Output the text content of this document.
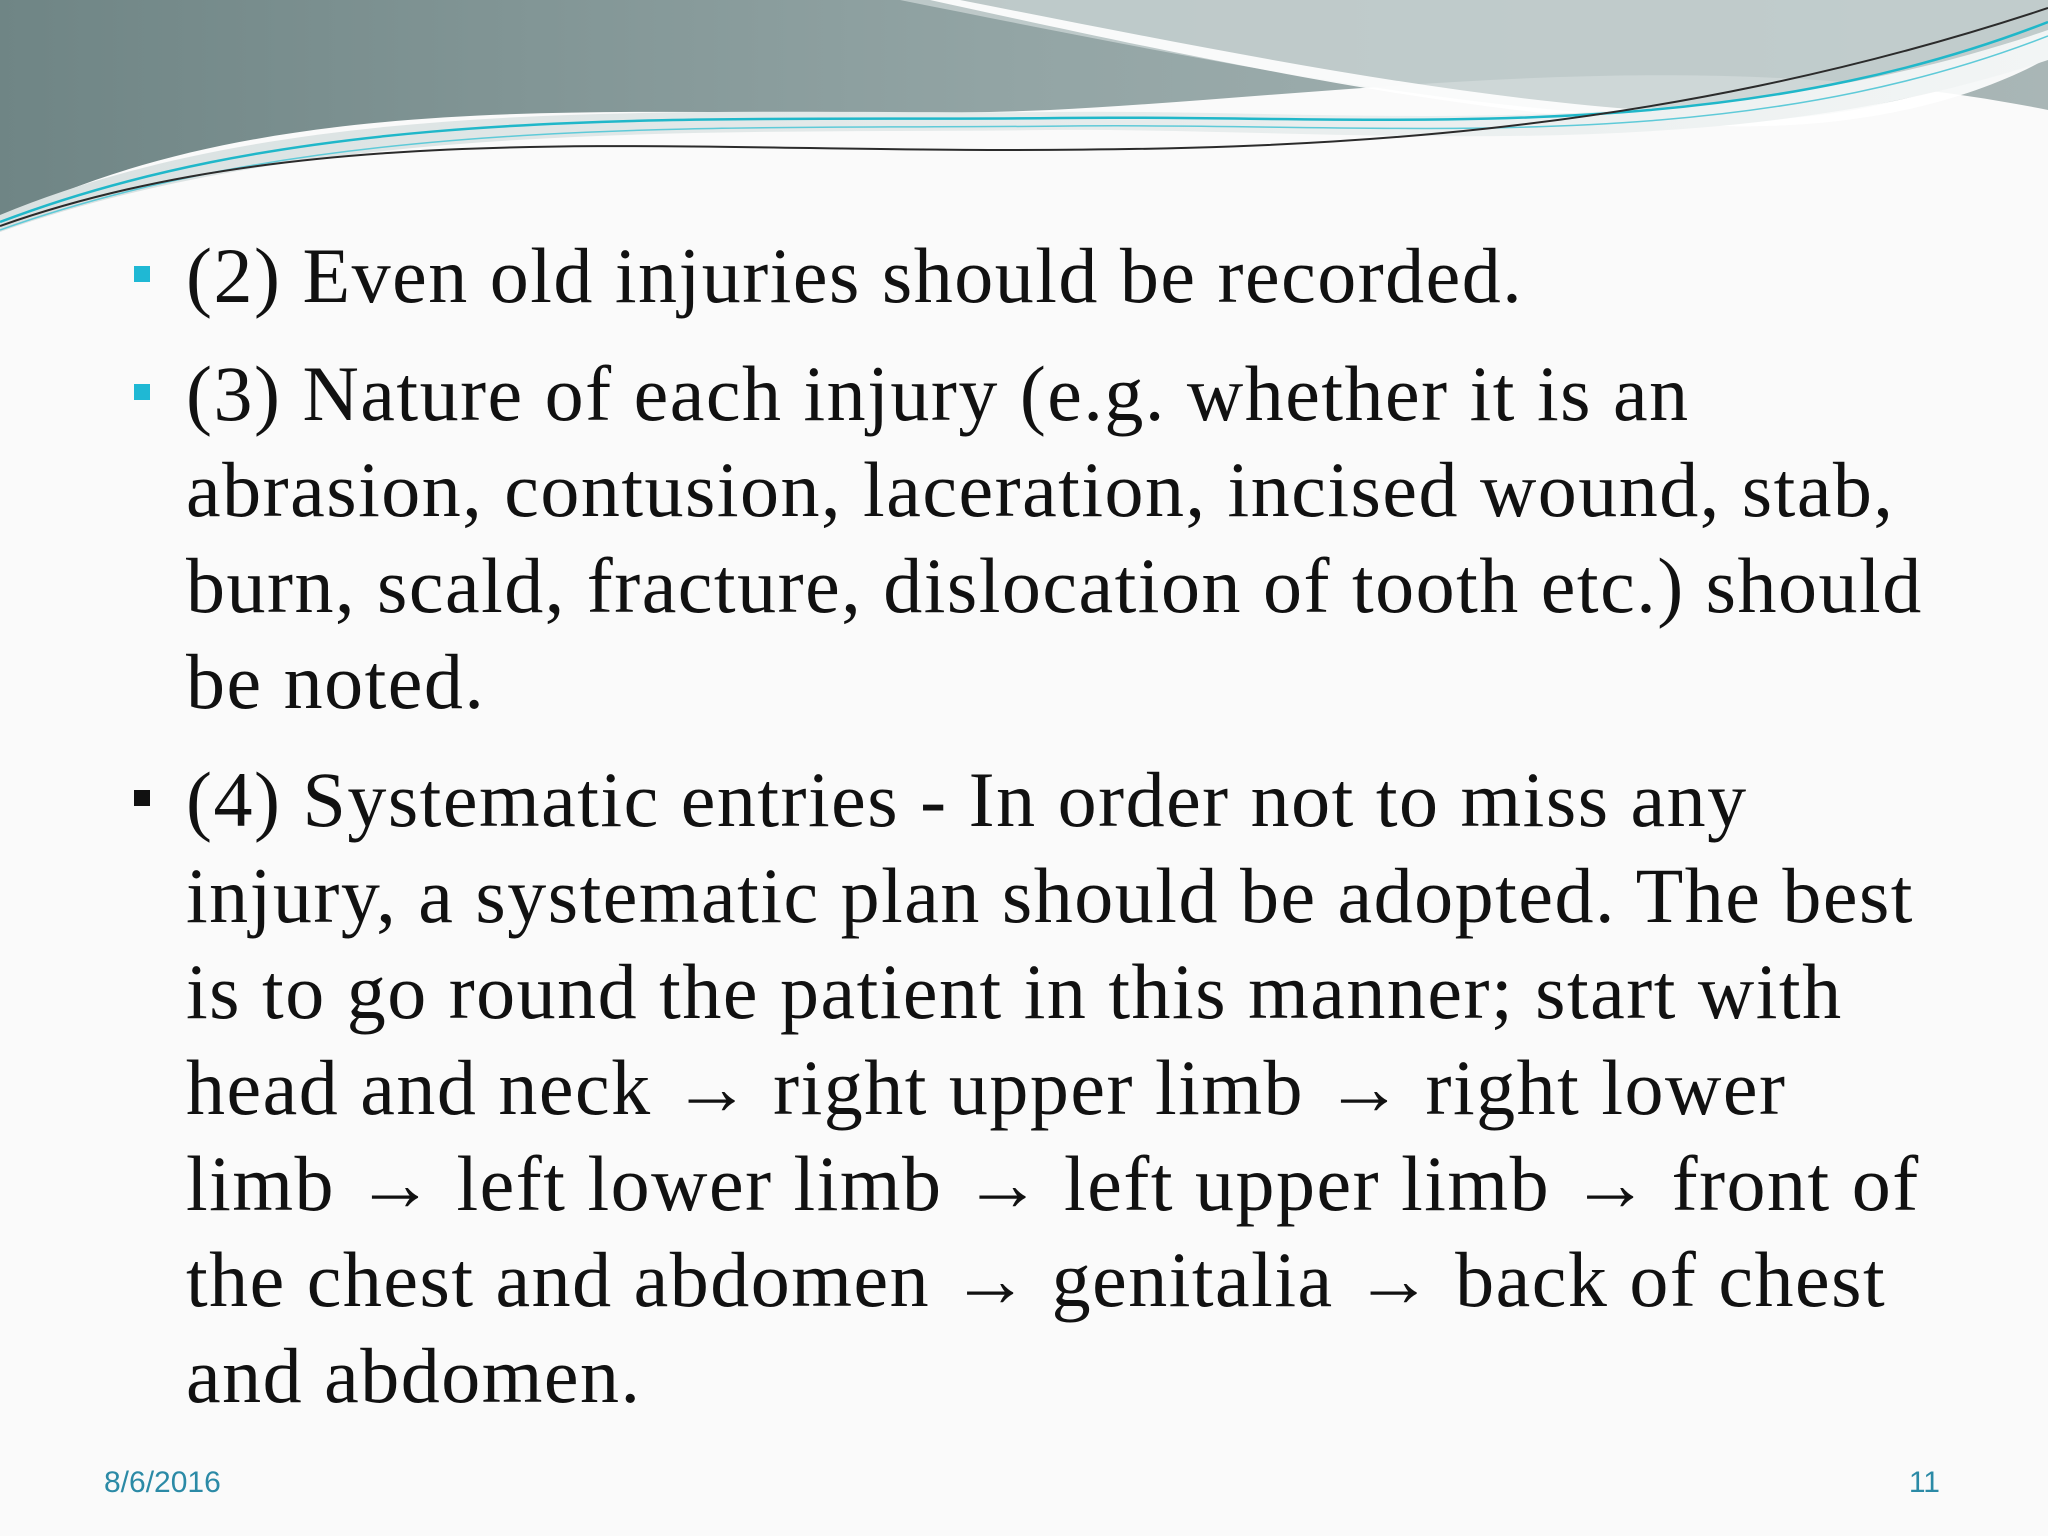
(2) Even old injuries should be recorded.
(3) Nature of each injury (e.g. whether it is an abrasion, contusion, laceration, incised wound, stab, burn, scald, fracture, dislocation of tooth etc.) should be noted.
(4) Systematic entries - In order not to miss any injury, a systematic plan should be adopted. The best is to go round the patient in this manner; start with head and neck → right upper limb → right lower limb → left lower limb → left upper limb → front of the chest and abdomen → genitalia → back of chest and abdomen.
8/6/2016	11
